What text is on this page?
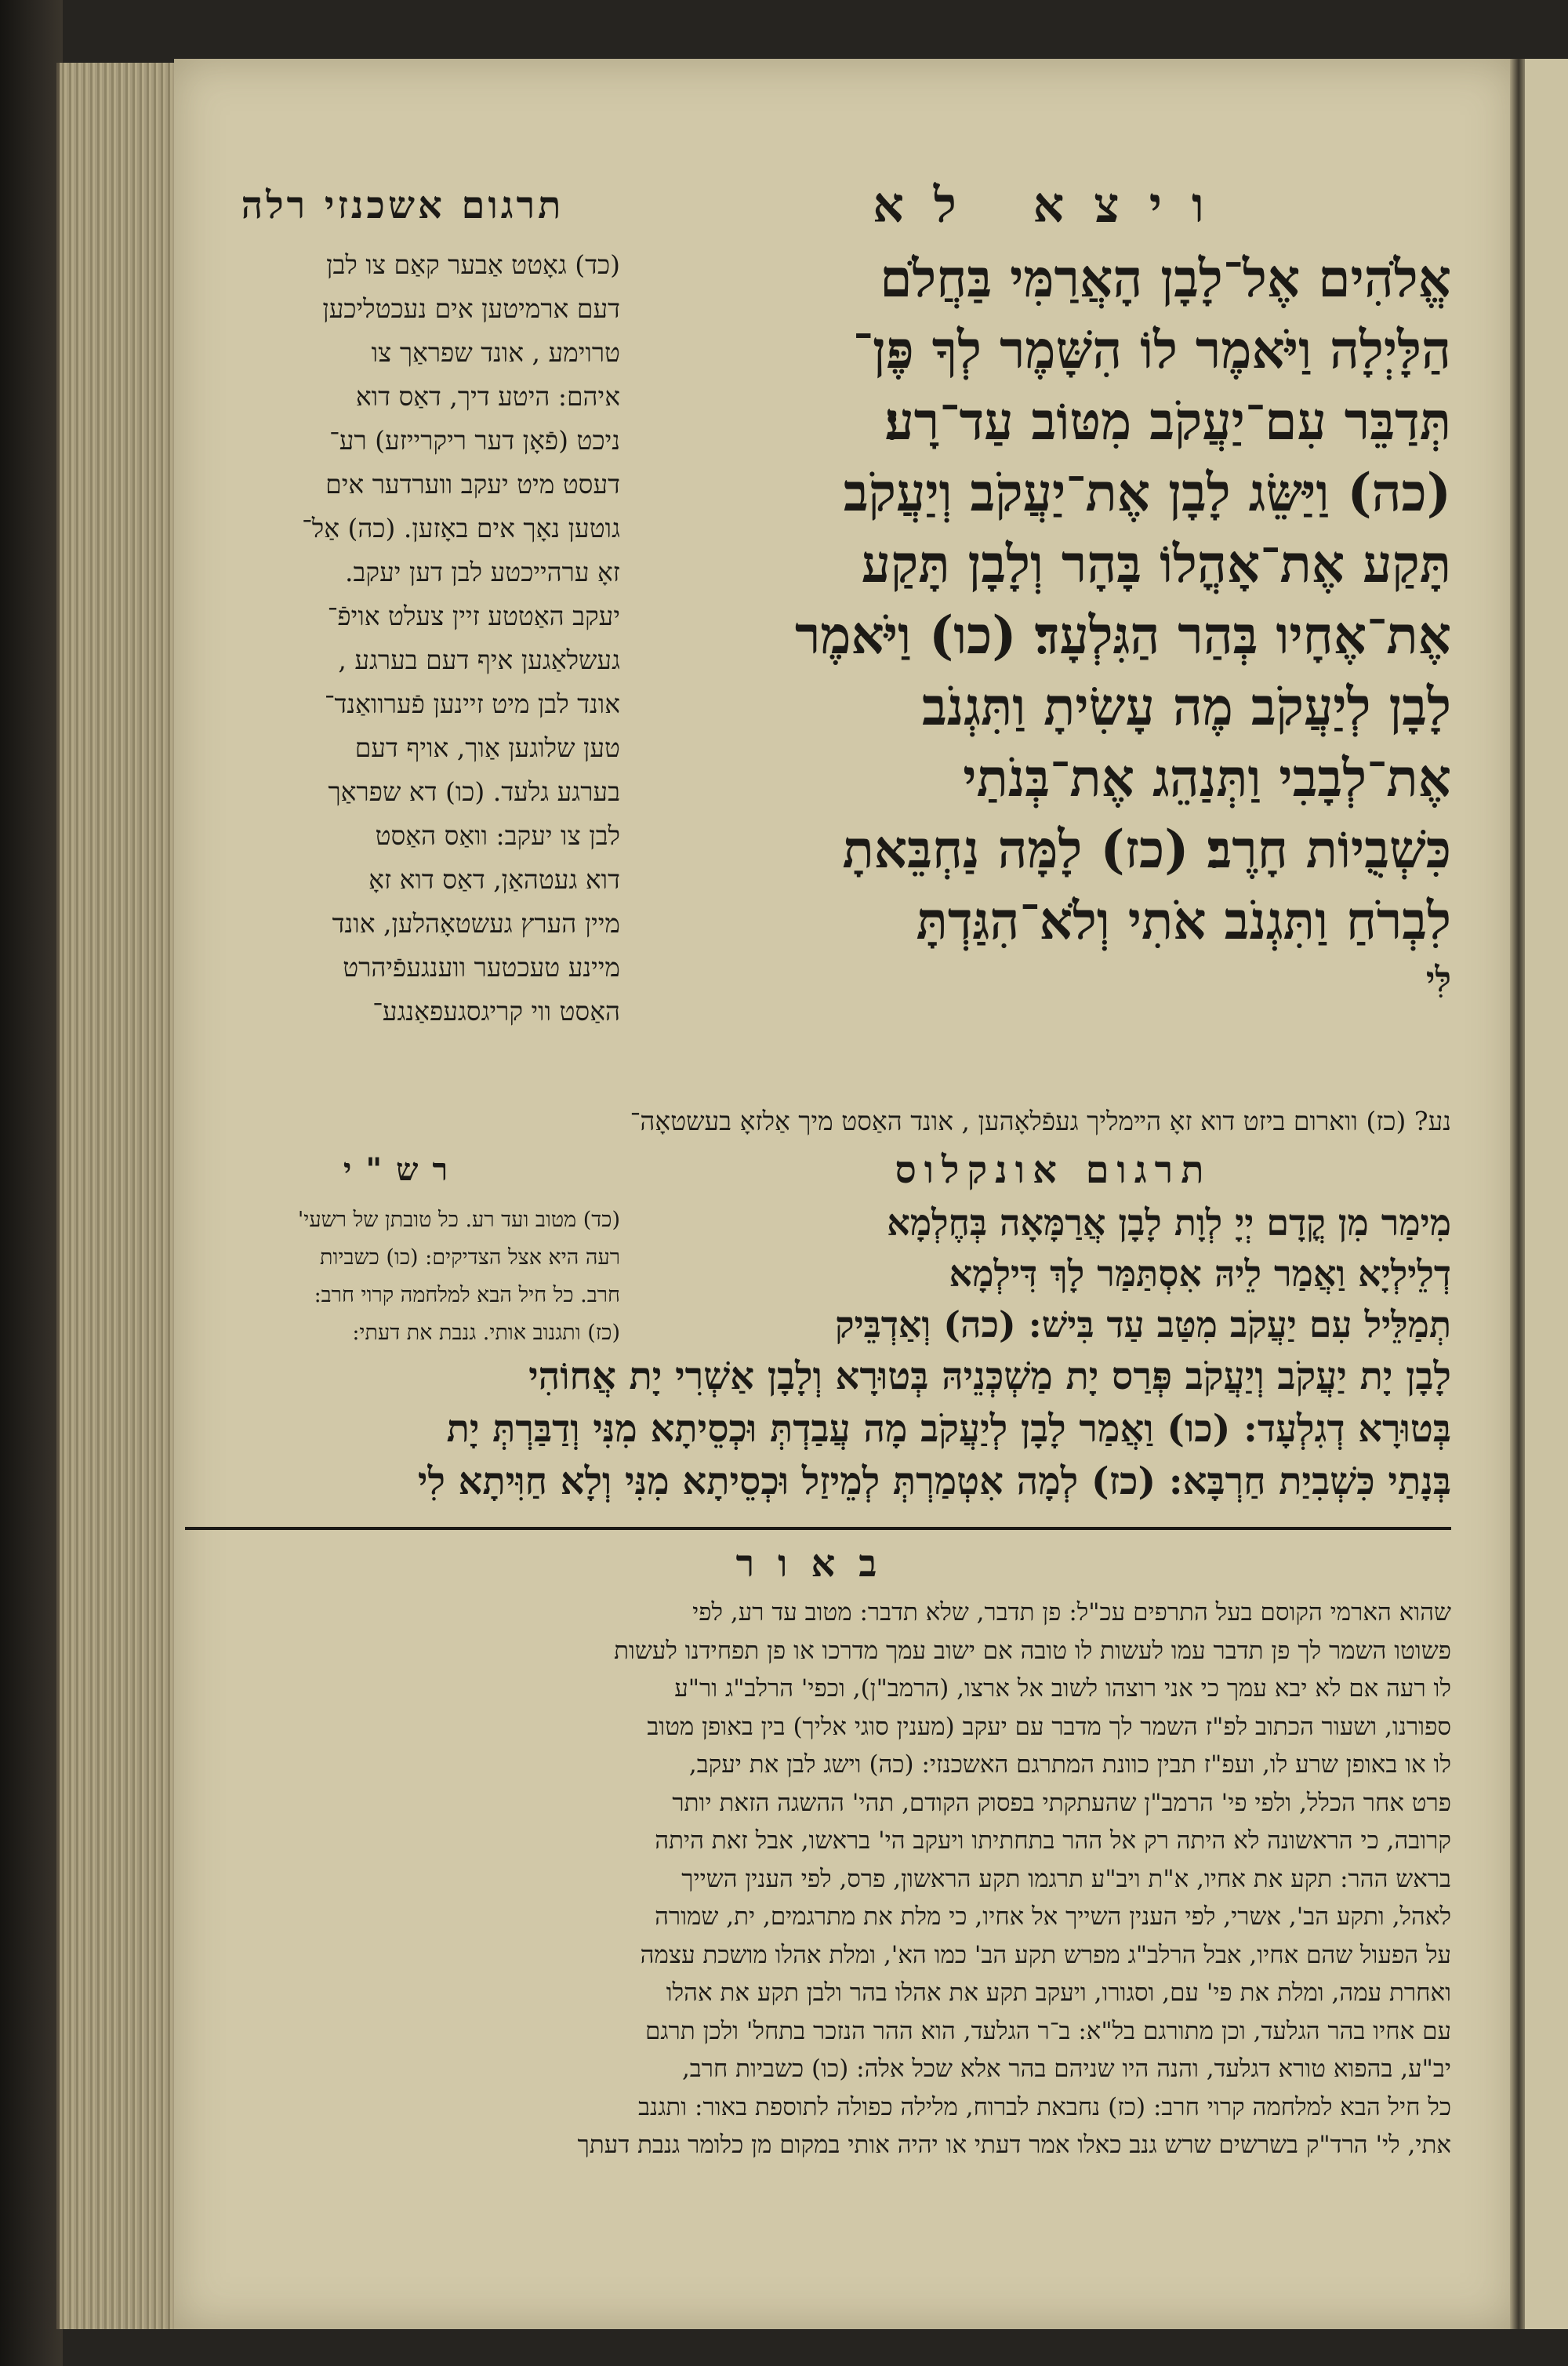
ויצא לא

אֱלֹהִים אֶל־לָבָן הָאֲרַמִּי בַּחֲלֹם

הַלָּיְלָה וַיֹּאמֶר לוֹ הִשָּׁמֶר לְךָ פֶּן־

תְּדַבֵּר עִם־יַעֲקֹב מִטּוֹב עַד־רָע׃

(כה) וַיַּשֵּׂג לָבָן אֶת־יַעֲקֹב וְיַעֲקֹב

תָּקַע אֶת־אָהֳלוֹ בָּהָר וְלָבָן תָּקַע

אֶת־אֶחָיו בְּהַר הַגִּלְעָד׃ (כו) וַיֹּאמֶר

לָבָן לְיַעֲקֹב מֶה עָשִׂיתָ וַתִּגְנֹב

אֶת־לְבָבִי וַתְּנַהֵג אֶת־בְּנֹתַי

כִּשְׁבֻיוֹת חָרֶב׃ (כז) לָמָּה נַחְבֵּאתָ

לִבְרֹחַ וַתִּגְנֹב אֹתִי וְלֹא־הִגַּדְתָּ

לִּי

תרגום אשכנזי רלה

(כד) גאָטט אַבער קאַם צו לבן

דעם ארמיטען אים נעכטליכען

טרוימע , אונד שפראַך צו

איהם: היטע דיך, דאַס דוא

ניכט (פֿאָן דער ריקרייזע) רע־

דעסט מיט יעקב ווערדער אים

גוטען נאָך אים באָזען. (כה) אַל־

זאָ ערהייכטע לבן דען יעקב.

יעקב האַטטע זיין צעלט אויפֿ־

געשלאַגען איף דעם בערגע ,

אונד לבן מיט זיינען פֿערוואַנד־

טען שלוגען אַוך, אויף דעם

בערגע גלעד. (כו) דא שפראַך

לבן צו יעקב: וואַס האַסט

דוא געטהאַן, דאַס דוא זאָ

מיין הערץ געשטאָהלען, אונד

מיינע טעכטער ווענגעפֿיהרט

האַסט ווי קריגסגעפאַנגע־

נע? (כז) ווארום ביזט דוא זאָ הײמליך געפֿלאָהען , אונד האַסט מיך אַלזאָ בעשטאָה־
תרגום אונקלוס
רש"י

מִימַר מִן קֳדָם יְיָ לְוָת לָבָן אֲרַמָּאָה בְּחֶלְמָא

דְלֵילְיָא וַאֲמַר לֵיהּ אִסְתַּמַּר לָךְ דִּילְמָא

תְמַלֵּיל עִם יַעֲקֹב מִטַּב עַד בִּישׁ: (כה) וְאַדְבֵּיק

(כד) מטוב ועד רע. כל טובתן של רשעי'

רעה היא אצל הצדיקים: (כו) כשביות

חרב. כל חיל הבא למלחמה קרוי חרב:

(כז) ותגנוב אותי. גנבת את דעתי:

לָבָן יָת יַעֲקֹב וְיַעֲקֹב פְּרַס יָת מַשְׁכְּנֵיהּ בְּטוּרָא וְלָבָן אַשְׁרִי יָת אֲחוֹהִי

בְּטוּרָא דְגִלְעָד: (כו) וַאֲמַר לָבָן לְיַעֲקֹב מָה עֲבַדְתְּ וּכְסֵיתָא מִנִּי וְדַבַּרְתְּ יָת

בְּנָתַי כִּשְׁבִיַת חַרְבָּא: (כז) לְמָה אִטְמַרְתְּ לְמֵיזַל וּכְסֵיתָא מִנִּי וְלָא חַוִּיתָא לִי

באור

שהוא הארמי הקוסם בעל התרפים עכ"ל: פן תדבר, שלא תדבר: מטוב עד רע, לפי

פשוטו השמר לך פן תדבר עמו לעשות לו טובה אם ישוב עמך מדרכו או פן תפחידנו לעשות

לו רעה אם לא יבא עמך כי אני רוצהו לשוב אל ארצו, (הרמב"ן), וכפי' הרלב"ג ור"ע

ספורנו, ושעור הכתוב לפ"ז השמר לך מדבר עם יעקב (מענין סוגי אליך) בין באופן מטוב

לו או באופן שרע לו, ועפ"ז תבין כוונת המתרגם האשכנזי: (כה) וישג לבן את יעקב,

פרט אחר הכלל, ולפי פי' הרמב"ן שהעתקתי בפסוק הקודם, תהי' ההשגה הזאת יותר

קרובה, כי הראשונה לא היתה רק אל ההר בתחתיתו ויעקב הי' בראשו, אבל זאת היתה

בראש ההר: תקע את אחיו, א"ת ויב"ע תרגמו תקע הראשון, פרס, לפי הענין השייך

לאהל, ותקע הב', אשרי, לפי הענין השייך אל אחיו, כי מלת את מתרגמים, ית, שמורה

על הפעול שהם אחיו, אבל הרלב"ג מפרש תקע הב' כמו הא', ומלת אהלו מושכת עצמה

ואחרת עמה, ומלת את פי' עם, וסגורו, ויעקב תקע את אהלו בהר ולבן תקע את אהלו

עם אחיו בהר הגלעד, וכן מתורגם בל"א: ב־ר הגלעד, הוא ההר הנזכר בתחל' ולכן תרגם

יב"ע, בהפוא טורא דגלעד, והנה היו שניהם בהר אלא שכל אלה: (כו) כשביות חרב,

כל חיל הבא למלחמה קרוי חרב: (כז) נחבאת לברוח, מלילה כפולה לתוספת באור: ותגנב

אתי, לי' הרד"ק בשרשים שרש גנב כאלו אמר דעתי או יהיה אותי במקום מן כלומר גנבת דעתך
